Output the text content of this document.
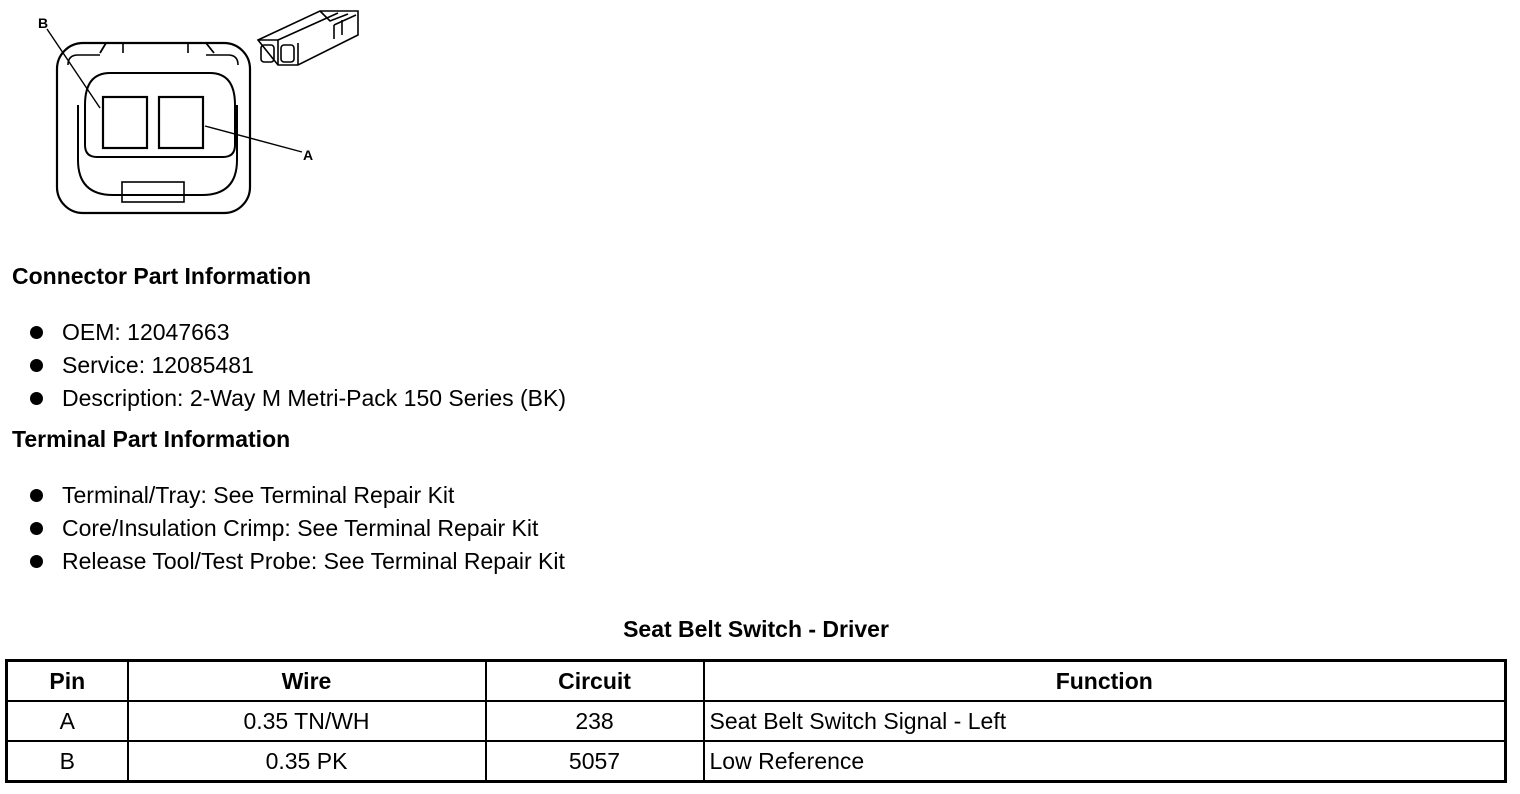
B
A
Connector Part Information
OEM: 12047663
Service: 12085481
Description: 2-Way M Metri-Pack 150 Series (BK)
Terminal Part Information
Terminal/Tray: See Terminal Repair Kit
Core/Insulation Crimp: See Terminal Repair Kit
Release Tool/Test Probe: See Terminal Repair Kit
Seat Belt Switch - Driver
Pin	Wire	Circuit	Function
A	0.35 TN/WH	238	Seat Belt Switch Signal - Left
B	0.35 PK	5057	Low Reference
